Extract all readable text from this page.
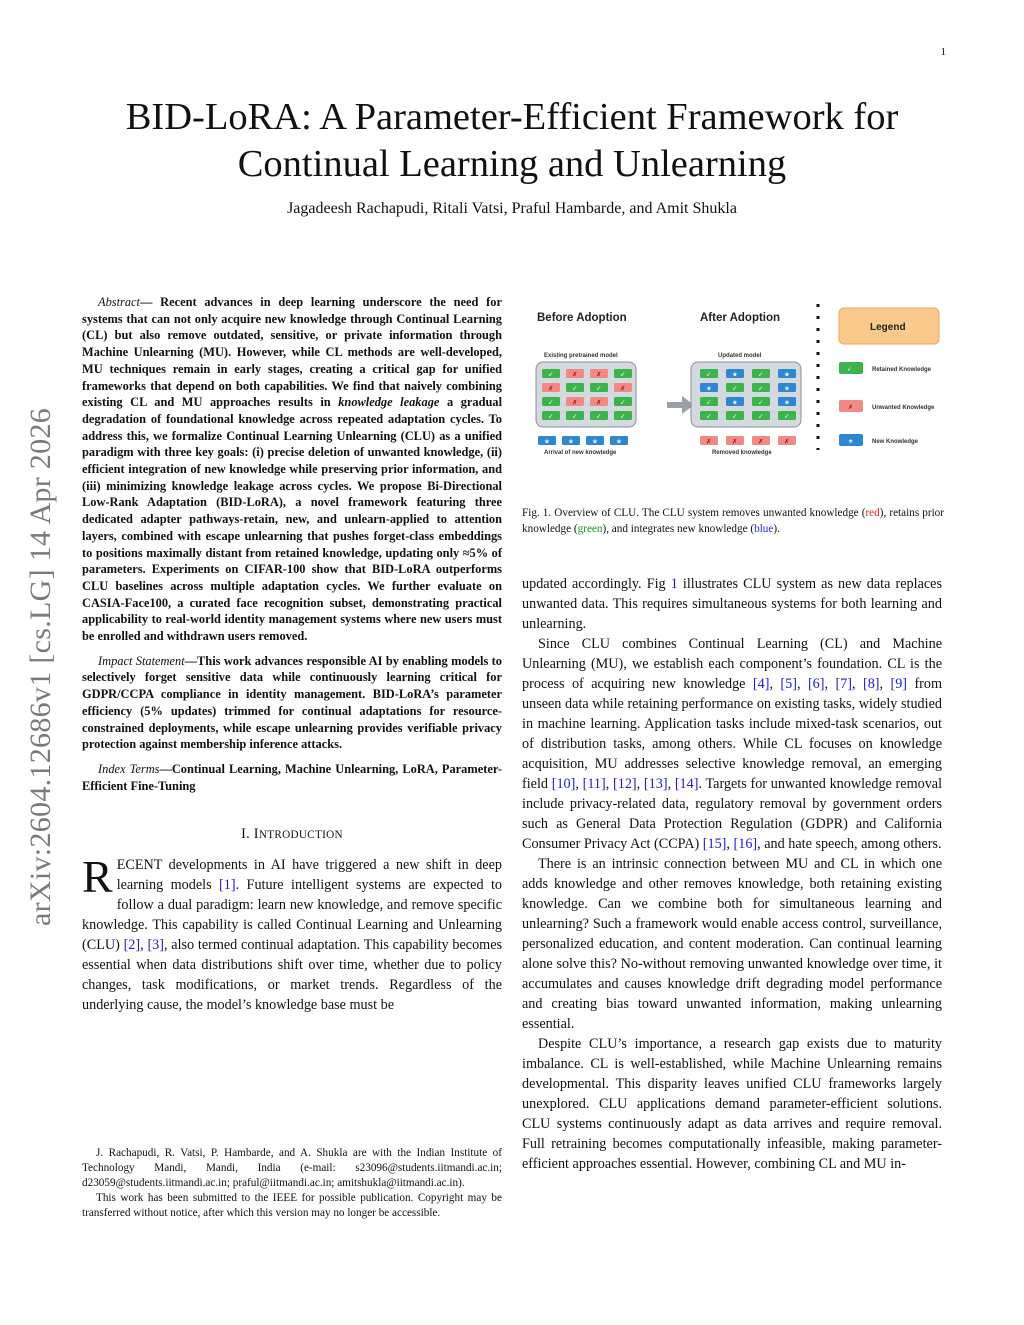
1
arXiv:2604.12686v1 [cs.LG] 14 Apr 2026
BID-LoRA: A Parameter-Efficient Framework for
Continual Learning and Unlearning
Jagadeesh Rachapudi, Ritali Vatsi, Praful Hambarde, and Amit Shukla

Abstract— Recent advances in deep learning underscore the need for systems that can not only acquire new knowledge through Continual Learning (CL) but also remove outdated, sensitive, or private information through Machine Unlearning (MU). However, while CL methods are well-developed, MU techniques remain in early stages, creating a critical gap for unified frameworks that depend on both capabilities. We find that naively combining existing CL and MU approaches results in knowledge leakage a gradual degradation of foundational knowledge across repeated adaptation cycles. To address this, we formalize Continual Learning Unlearning (CLU) as a unified paradigm with three key goals: (i) precise deletion of unwanted knowledge, (ii) efficient integration of new knowledge while preserving prior information, and (iii) minimizing knowledge leakage across cycles. We propose Bi-Directional Low-Rank Adaptation (BID-LoRA), a novel framework featuring three dedicated adapter pathways-retain, new, and unlearn-applied to attention layers, combined with escape unlearning that pushes forget-class embeddings to positions maximally distant from retained knowledge, updating only ≈5% of parameters. Experiments on CIFAR-100 show that BID-LoRA outperforms CLU baselines across multiple adaptation cycles. We further evaluate on CASIA-Face100, a curated face recognition subset, demonstrating practical applicability to real-world identity management systems where new users must be enrolled and withdrawn users removed.

Impact Statement—This work advances responsible AI by enabling models to selectively forget sensitive data while continuously learning critical for GDPR/CCPA compliance in identity management. BID-LoRA’s parameter efficiency (5% updates) trimmed for continual adaptations for resource-constrained deployments, while escape unlearning provides verifiable privacy protection against membership inference attacks.

Index Terms—Continual Learning, Machine Unlearning, LoRA, Parameter-Efficient Fine-Tuning

I. INTRODUCTION

RECENT developments in AI have triggered a new shift in deep learning models [1]. Future intelligent systems are expected to follow a dual paradigm: learn new knowledge, and remove specific knowledge. This capability is called Continual Learning and Unlearning (CLU) [2], [3], also termed continual adaptation. This capability becomes essential when data distributions shift over time, whether due to policy changes, task modifications, or market trends. Regardless of the underlying cause, the model’s knowledge base must be

J. Rachapudi, R. Vatsi, P. Hambarde, and A. Shukla are with the Indian Institute of Technology Mandi, Mandi, India (e-mail: s23096@students.iitmandi.ac.in; d23059@students.iitmandi.ac.in; praful@iitmandi.ac.in; amitshukla@iitmandi.ac.in).

This work has been submitted to the IEEE for possible publication. Copyright may be transferred without notice, after which this version may no longer be accessible.

Before Adoption	After Adoption
Existing pretrained model
✓	✗	✗	✓
✗	✓	✓	✗
✓	✗	✗	✓
✓	✓	✓	✓
Updated model
✓	★	✓	★
★	✓	✓	★
✓	★	✓	★
✓	✓	✓	✓
★	★	★	★
Arrival of new knowledge
✗	✗	✗	✗
Removed knowledge
Legend
✓	Retained Knowledge
✗	Unwanted Knowledge
★	New Knowledge
Fig. 1. Overview of CLU. The CLU system removes unwanted knowledge (red), retains prior knowledge (green), and integrates new knowledge (blue).

updated accordingly. Fig 1 illustrates CLU system as new data replaces unwanted data. This requires simultaneous systems for both learning and unlearning.

Since CLU combines Continual Learning (CL) and Machine Unlearning (MU), we establish each component’s foundation. CL is the process of acquiring new knowledge [4], [5], [6], [7], [8], [9] from unseen data while retaining performance on existing tasks, widely studied in machine learning. Application tasks include mixed-task scenarios, out of distribution tasks, among others. While CL focuses on knowledge acquisition, MU addresses selective knowledge removal, an emerging field [10], [11], [12], [13], [14]. Targets for unwanted knowledge removal include privacy-related data, regulatory removal by government orders such as General Data Protection Regulation (GDPR) and California Consumer Privacy Act (CCPA) [15], [16], and hate speech, among others.

There is an intrinsic connection between MU and CL in which one adds knowledge and other removes knowledge, both retaining existing knowledge. Can we combine both for simultaneous learning and unlearning? Such a framework would enable access control, surveillance, personalized education, and content moderation. Can continual learning alone solve this? No-without removing unwanted knowledge over time, it accumulates and causes knowledge drift degrading model performance and creating bias toward unwanted information, making unlearning essential.

Despite CLU’s importance, a research gap exists due to maturity imbalance. CL is well-established, while Machine Unlearning remains developmental. This disparity leaves unified CLU frameworks largely unexplored. CLU applications demand parameter-efficient solutions. CLU systems continuously adapt as data arrives and require removal. Full retraining becomes computationally infeasible, making parameter-efficient approaches essential. However, combining CL and MU in-
